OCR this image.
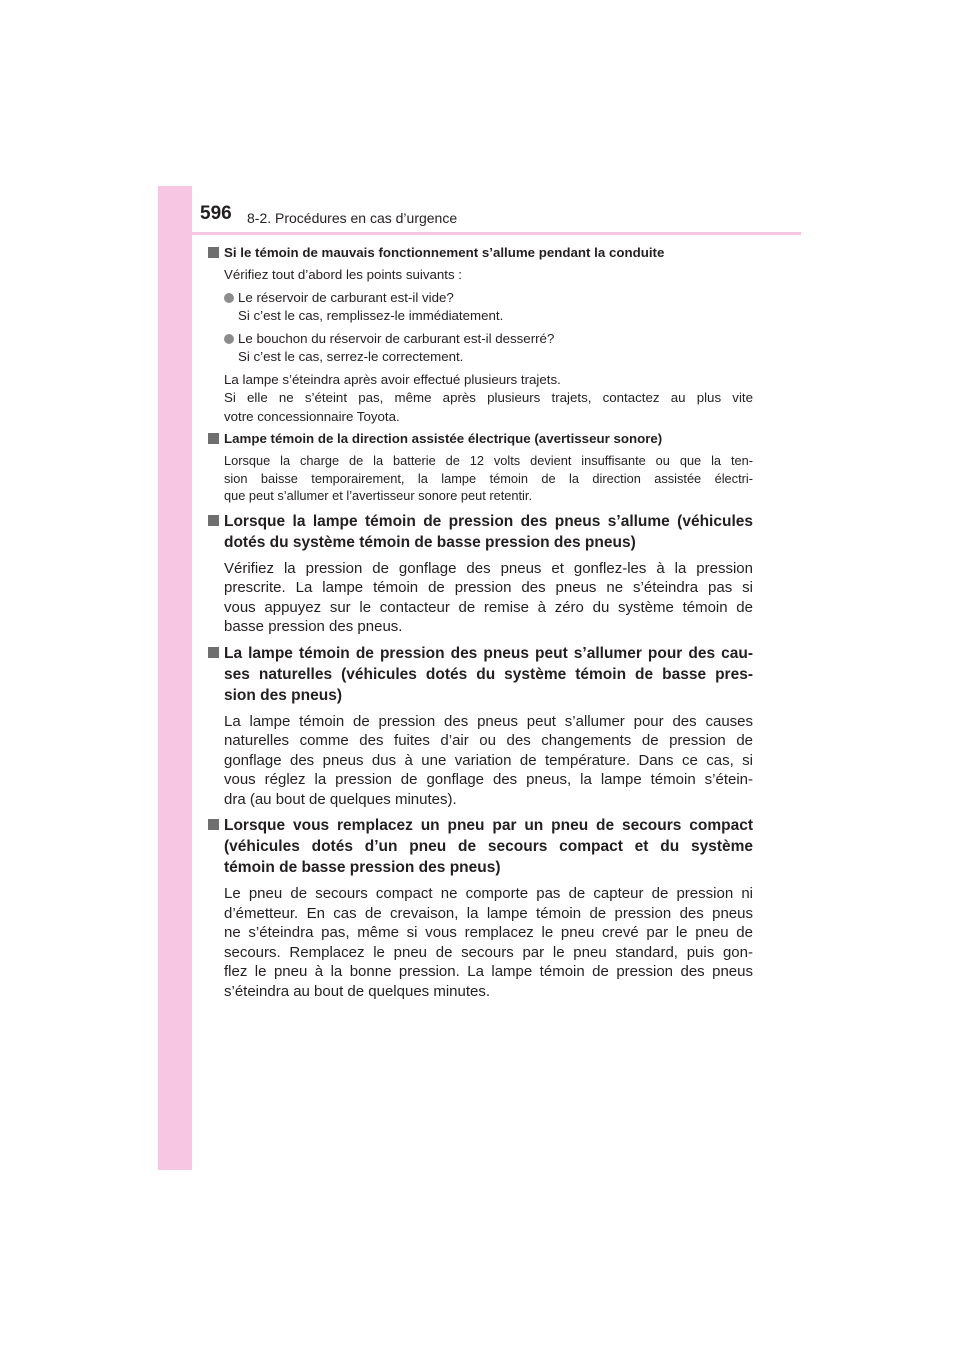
596 8-2. Procédures en cas d’urgence
Si le témoin de mauvais fonctionnement s’allume pendant la conduite
Vérifiez tout d’abord les points suivants :
Le réservoir de carburant est-il vide?
Si c’est le cas, remplissez-le immédiatement.
Le bouchon du réservoir de carburant est-il desserré?
Si c’est le cas, serrez-le correctement.
La lampe s’éteindra après avoir effectué plusieurs trajets.
Si elle ne s’éteint pas, même après plusieurs trajets, contactez au plus vite
votre concessionnaire Toyota.
Lampe témoin de la direction assistée électrique (avertisseur sonore)
Lorsque la charge de la batterie de 12 volts devient insuffisante ou que la ten-
sion baisse temporairement, la lampe témoin de la direction assistée électri-
que peut s’allumer et l’avertisseur sonore peut retentir.
Lorsque la lampe témoin de pression des pneus s’allume (véhicules
dotés du système témoin de basse pression des pneus)
Vérifiez la pression de gonflage des pneus et gonflez-les à la pression
prescrite. La lampe témoin de pression des pneus ne s’éteindra pas si
vous appuyez sur le contacteur de remise à zéro du système témoin de
basse pression des pneus.
La lampe témoin de pression des pneus peut s’allumer pour des cau-
ses naturelles (véhicules dotés du système témoin de basse pres-
sion des pneus)
La lampe témoin de pression des pneus peut s’allumer pour des causes
naturelles comme des fuites d’air ou des changements de pression de
gonflage des pneus dus à une variation de température. Dans ce cas, si
vous réglez la pression de gonflage des pneus, la lampe témoin s’étein-
dra (au bout de quelques minutes).
Lorsque vous remplacez un pneu par un pneu de secours compact
(véhicules dotés d’un pneu de secours compact et du système
témoin de basse pression des pneus)
Le pneu de secours compact ne comporte pas de capteur de pression ni
d’émetteur. En cas de crevaison, la lampe témoin de pression des pneus
ne s’éteindra pas, même si vous remplacez le pneu crevé par le pneu de
secours. Remplacez le pneu de secours par le pneu standard, puis gon-
flez le pneu à la bonne pression. La lampe témoin de pression des pneus
s’éteindra au bout de quelques minutes.
